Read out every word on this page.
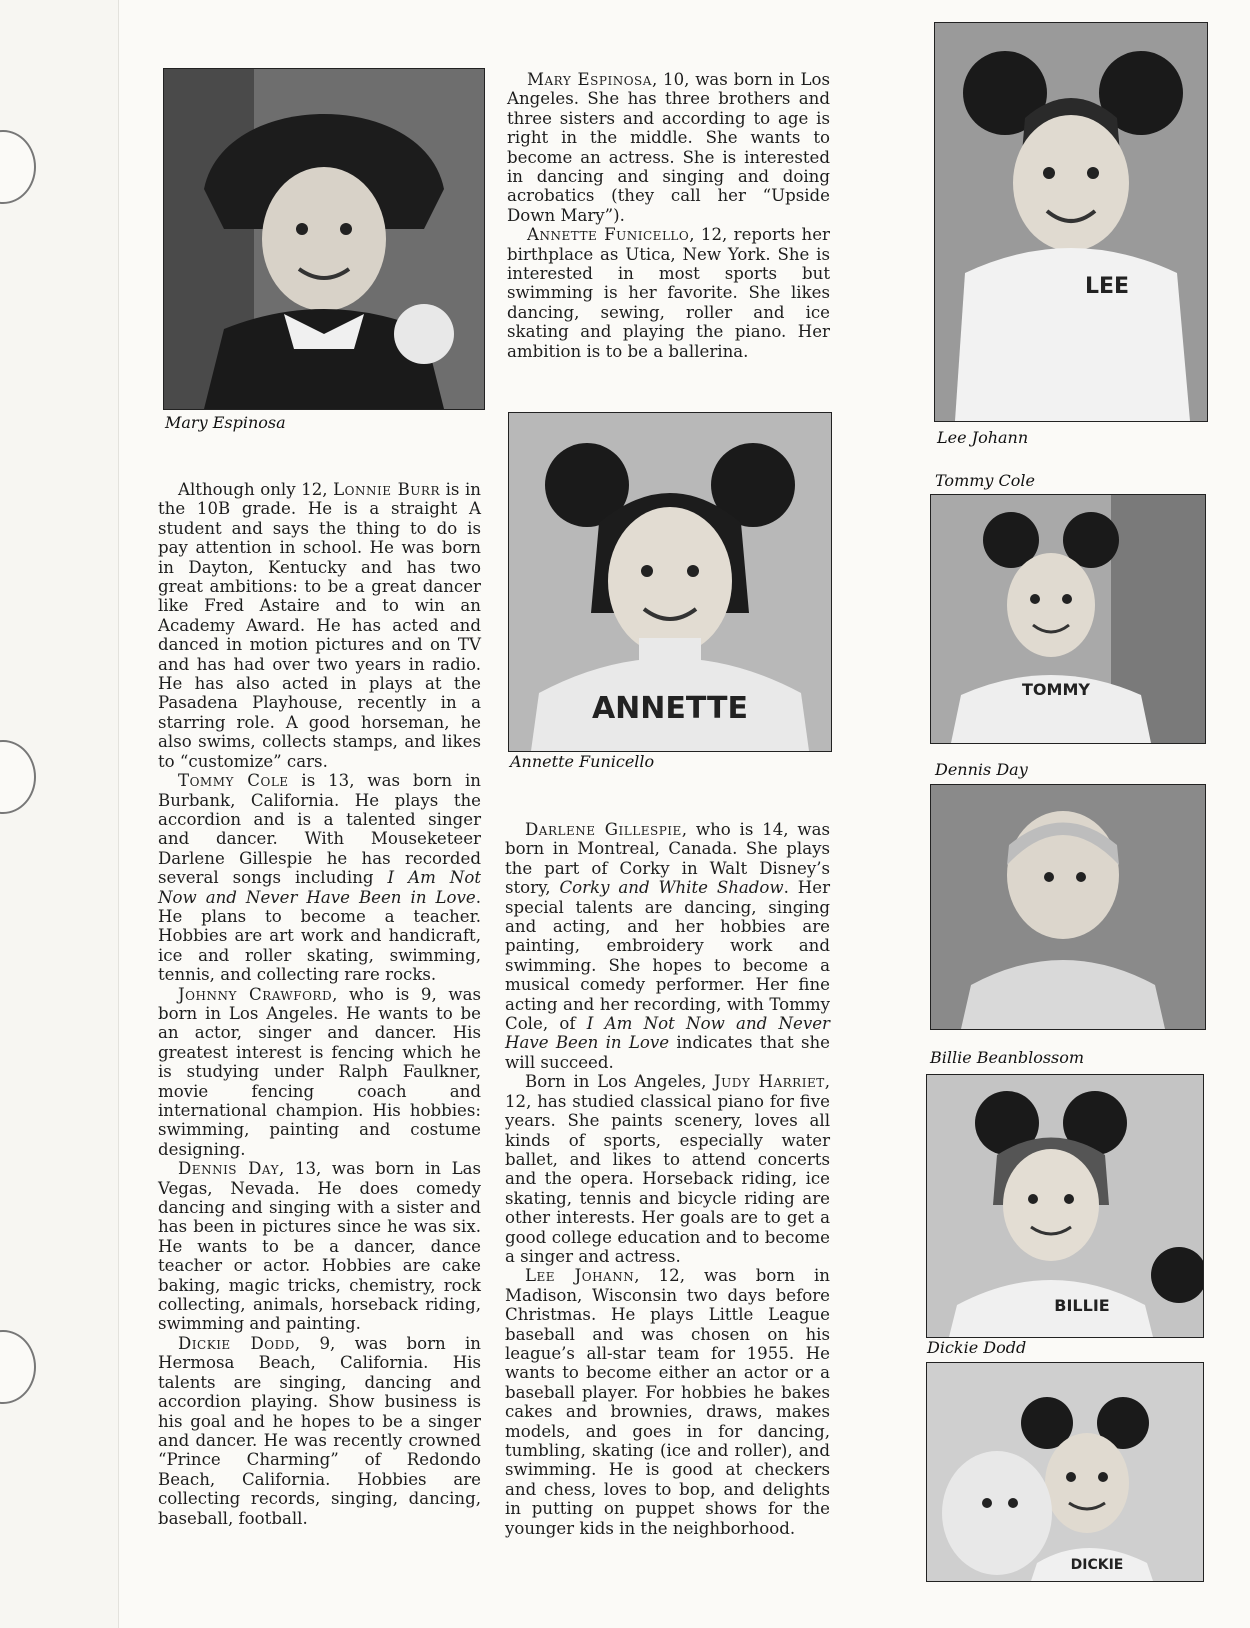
Mary Espinosa
ANNETTE
Annette Funicello
LEE
Lee Johann
Tommy Cole
TOMMY
Dennis Day
Billie Beanblossom
BILLIE
Dickie Dodd
DICKIE

Although only 12, Lonnie Burr is in the 10B grade. He is a straight A student and says the thing to do is pay attention in school. He was born in Dayton, Kentucky and has two great ambitions: to be a great dancer like Fred Astaire and to win an Academy Award. He has acted and danced in motion pictures and on TV and has had over two years in radio. He has also acted in plays at the Pasadena Playhouse, recently in a starring role. A good horseman, he also swims, collects stamps, and likes to “customize” cars.

Tommy Cole is 13, was born in Burbank, California. He plays the accordion and is a talented singer and dancer. With Mouseketeer Darlene Gillespie he has recorded several songs including I Am Not Now and Never Have Been in Love. He plans to become a teacher. Hobbies are art work and handicraft, ice and roller skating, swimming, tennis, and collecting rare rocks.

Johnny Crawford, who is 9, was born in Los Angeles. He wants to be an actor, singer and dancer. His greatest interest is fencing which he is studying under Ralph Faulkner, movie fencing coach and international champion. His hobbies: swimming, painting and costume designing.

Dennis Day, 13, was born in Las Vegas, Nevada. He does comedy dancing and singing with a sister and has been in pictures since he was six. He wants to be a dancer, dance teacher or actor. Hobbies are cake baking, magic tricks, chemistry, rock collecting, animals, horseback riding, swimming and painting.

Dickie Dodd, 9, was born in Hermosa Beach, California. His talents are singing, dancing and accordion playing. Show business is his goal and he hopes to be a singer and dancer. He was recently crowned “Prince Charming” of Redondo Beach, California. Hobbies are collecting records, singing, dancing, baseball, football.

Mary Espinosa, 10, was born in Los Angeles. She has three brothers and three sisters and according to age is right in the middle. She wants to become an actress. She is interested in dancing and singing and doing acrobatics (they call her “Upside Down Mary”).

Annette Funicello, 12, reports her birthplace as Utica, New York. She is interested in most sports but swimming is her favorite. She likes dancing, sewing, roller and ice skating and playing the piano. Her ambition is to be a ballerina.

Darlene Gillespie, who is 14, was born in Montreal, Canada. She plays the part of Corky in Walt Disney’s story, Corky and White Shadow. Her special talents are dancing, singing and acting, and her hobbies are painting, embroidery work and swimming. She hopes to become a musical comedy performer. Her fine acting and her recording, with Tommy Cole, of I Am Not Now and Never Have Been in Love indicates that she will succeed.

Born in Los Angeles, Judy Harriet, 12, has studied classical piano for five years. She paints scenery, loves all kinds of sports, especially water ballet, and likes to attend concerts and the opera. Horseback riding, ice skating, tennis and bicycle riding are other interests. Her goals are to get a good college education and to become a singer and actress.

Lee Johann, 12, was born in Madison, Wisconsin two days before Christmas. He plays Little League baseball and was chosen on his league’s all-star team for 1955. He wants to become either an actor or a baseball player. For hobbies he bakes cakes and brownies, draws, makes models, and goes in for dancing, tumbling, skating (ice and roller), and swimming. He is good at checkers and chess, loves to bop, and delights in putting on puppet shows for the younger kids in the neighborhood.
